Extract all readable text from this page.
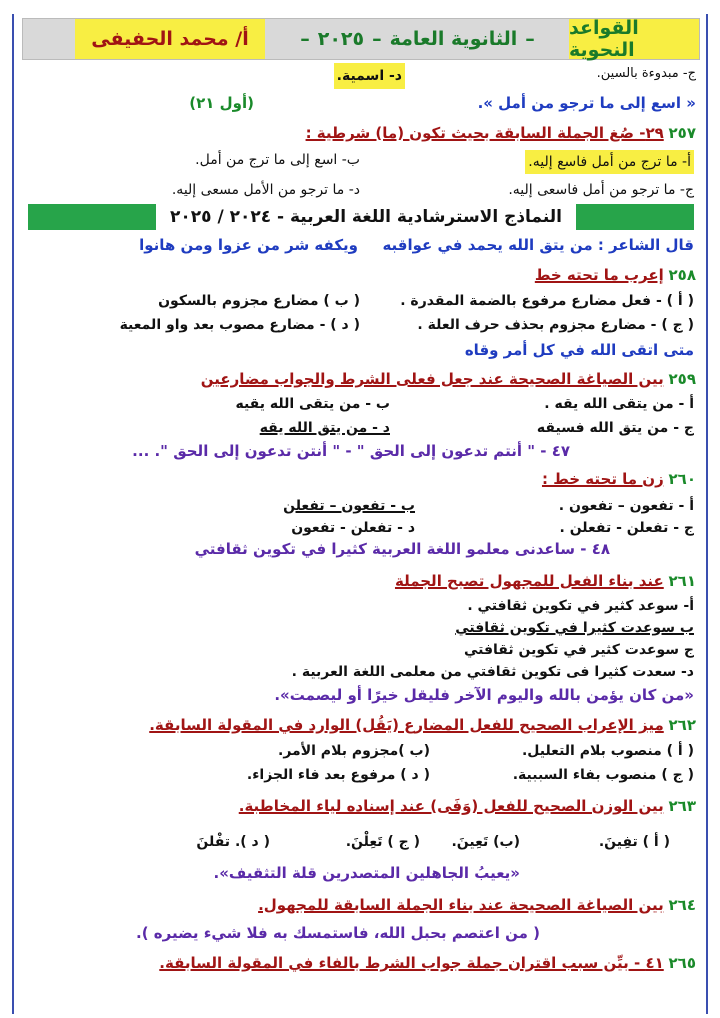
القواعد النحوية
–
الثانوية العامة
–
٢٠٢٥
–
أ/ محمد الحفيفى
ج- مبدوءة بالسين.
د- اسمية.
« اسع إلى ما ترجو من أمل ».
(أول ٢١)
٢٥٧ ٢٩- صُغ الجملة السابقة بحيث تكون (ما) شرطية :
أ- ما ترج من أمل فاسع إليه.
ب- اسع إلى ما ترج من أمل.
ج- ما ترجو من أمل فاسعى إليه.
د- ما ترجو من الأمل مسعى إليه.
النماذج الاسترشادية اللغة العربية - ٢٠٢٤ / ٢٠٢٥
قال الشاعر : من يتق الله يحمد في عواقبه
ويكفه شر من عزوا ومن هانوا
٢٥٨ إعرب ما تحته خط
( أ ) - فعل مضارع مرفوع بالضمة المقدرة .
( ب ) مضارع مجزوم بالسكون
( ج ) - مضارع مجزوم بحذف حرف العلة .
( د ) - مضارع مصوب بعد واو المعية
متى اتقى الله في كل أمر وقاه
٢٥٩ بين الصياغة الصحيحة عند جعل فعلى الشرط والجواب مضارعين
أ - من يتقى الله يقه .
ب - من يتقى الله يقيه
ج - من يتق الله فسيقه
د - من يتق الله يقه
٤٧ - " أنتم تدعون إلى الحق " - " أنتن تدعون إلى الحق ". ...
٢٦٠ زن ما تحته خط :
أ - تفعون – تفعون .
ب - تفعون – تفعلن
ج - تفعلن - تفعلن .
د - تفعلن - تفعون
٤٨ - ساعدنى معلمو اللغة العربية كثيرا في تكوين ثقافتي
٢٦١ عند بناء الفعل للمجهول تصبح الجملة
أ- سوعد كثير في تكوين ثقافتي .
ب سوعدت كثيرا في تكوين ثقافتي
ج سوعدت كثير في تكوين ثقافتي
د- سعدت كثيرا فى تكوين ثقافتي من معلمى اللغة العربية .
«من كان يؤمن بالله واليوم الآخر فليقل خيرًا أو ليصمت».
٢٦٢ ميز الإعراب الصحيح للفعل المضارع (يَقُل) الوارد في المقولة السابقة.
( أ ) منصوب بلام التعليل.
(ب )مجزوم بلام الأمر.
( ج ) منصوب بفاء السببية.
( د ) مرفوع بعد فاء الجزاء.
٢٦٣ بين الوزن الصحيح للفعل (وَفَى) عند إسناده لياء المخاطبة.
( أ ) تفِينَ.
(ب) تَعِينَ.
( ج ) تَعِلْنَ.
( د ). تفْلنَ
«يعيبُ الجاهلين المتصدرين قلة التثقيف».
٢٦٤ بين الصياغة الصحيحة عند بناء الجملة السابقة للمجهول.
( من اعتصم بحبل الله، فاستمسك به فلا شيء يضيره ).
٢٦٥ ٤١ - بيِّن سبب اقتران جملة جواب الشرط بالفاء في المقولة السابقة.
